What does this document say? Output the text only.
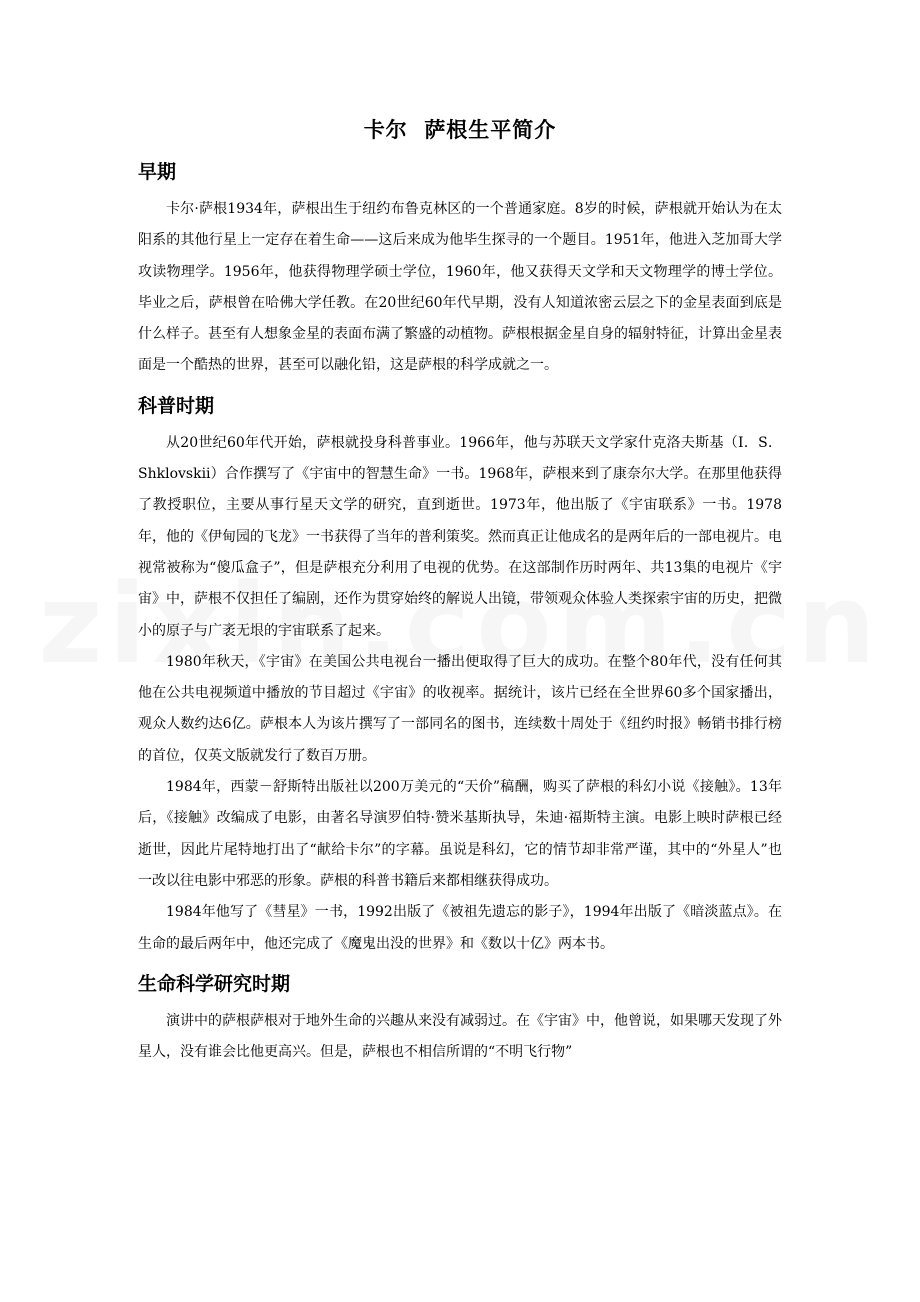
卡尔  萨根生平简介
早期

卡尔·萨根1934年，萨根出生于纽约布鲁克林区的一个普通家庭。8岁的时候，萨根就开始认为在太阳系的其他行星上一定存在着生命——这后来成为他毕生探寻的一个题目。1951年，他进入芝加哥大学攻读物理学。1956年，他获得物理学硕士学位，1960年，他又获得天文学和天文物理学的博士学位。毕业之后，萨根曾在哈佛大学任教。在20世纪60年代早期，没有人知道浓密云层之下的金星表面到底是什么样子。甚至有人想象金星的表面布满了繁盛的动植物。萨根根据金星自身的辐射特征，计算出金星表面是一个酷热的世界，甚至可以融化铅，这是萨根的科学成就之一。

科普时期

从20世纪60年代开始，萨根就投身科普事业。1966年，他与苏联天文学家什克洛夫斯基（I．S．Shklovskii）合作撰写了《宇宙中的智慧生命》一书。1968年，萨根来到了康奈尔大学。在那里他获得了教授职位，主要从事行星天文学的研究，直到逝世。1973年，他出版了《宇宙联系》一书。1978年，他的《伊甸园的飞龙》一书获得了当年的普利策奖。然而真正让他成名的是两年后的一部电视片。电视常被称为“傻瓜盒子”，但是萨根充分利用了电视的优势。在这部制作历时两年、共13集的电视片《宇宙》中，萨根不仅担任了编剧，还作为贯穿始终的解说人出镜，带领观众体验人类探索宇宙的历史，把微小的原子与广袤无垠的宇宙联系了起来。

1980年秋天，《宇宙》在美国公共电视台一播出便取得了巨大的成功。在整个80年代，没有任何其他在公共电视频道中播放的节目超过《宇宙》的收视率。据统计，该片已经在全世界60多个国家播出，观众人数约达6亿。萨根本人为该片撰写了一部同名的图书，连续数十周处于《纽约时报》畅销书排行榜的首位，仅英文版就发行了数百万册。

1984年，西蒙－舒斯特出版社以200万美元的“天价”稿酬，购买了萨根的科幻小说《接触》。13年后，《接触》改编成了电影，由著名导演罗伯特·赞米基斯执导，朱迪·福斯特主演。电影上映时萨根已经逝世，因此片尾特地打出了“献给卡尔”的字幕。虽说是科幻，它的情节却非常严谨，其中的“外星人”也一改以往电影中邪恶的形象。萨根的科普书籍后来都相继获得成功。

1984年他写了《彗星》一书，1992出版了《被祖先遗忘的影子》，1994年出版了《暗淡蓝点》。在生命的最后两年中，他还完成了《魔鬼出没的世界》和《数以十亿》两本书。

生命科学研究时期

演讲中的萨根萨根对于地外生命的兴趣从来没有减弱过。在《宇宙》中，他曾说，如果哪天发现了外星人，没有谁会比他更高兴。但是，萨根也不相信所谓的“不明飞行物”
